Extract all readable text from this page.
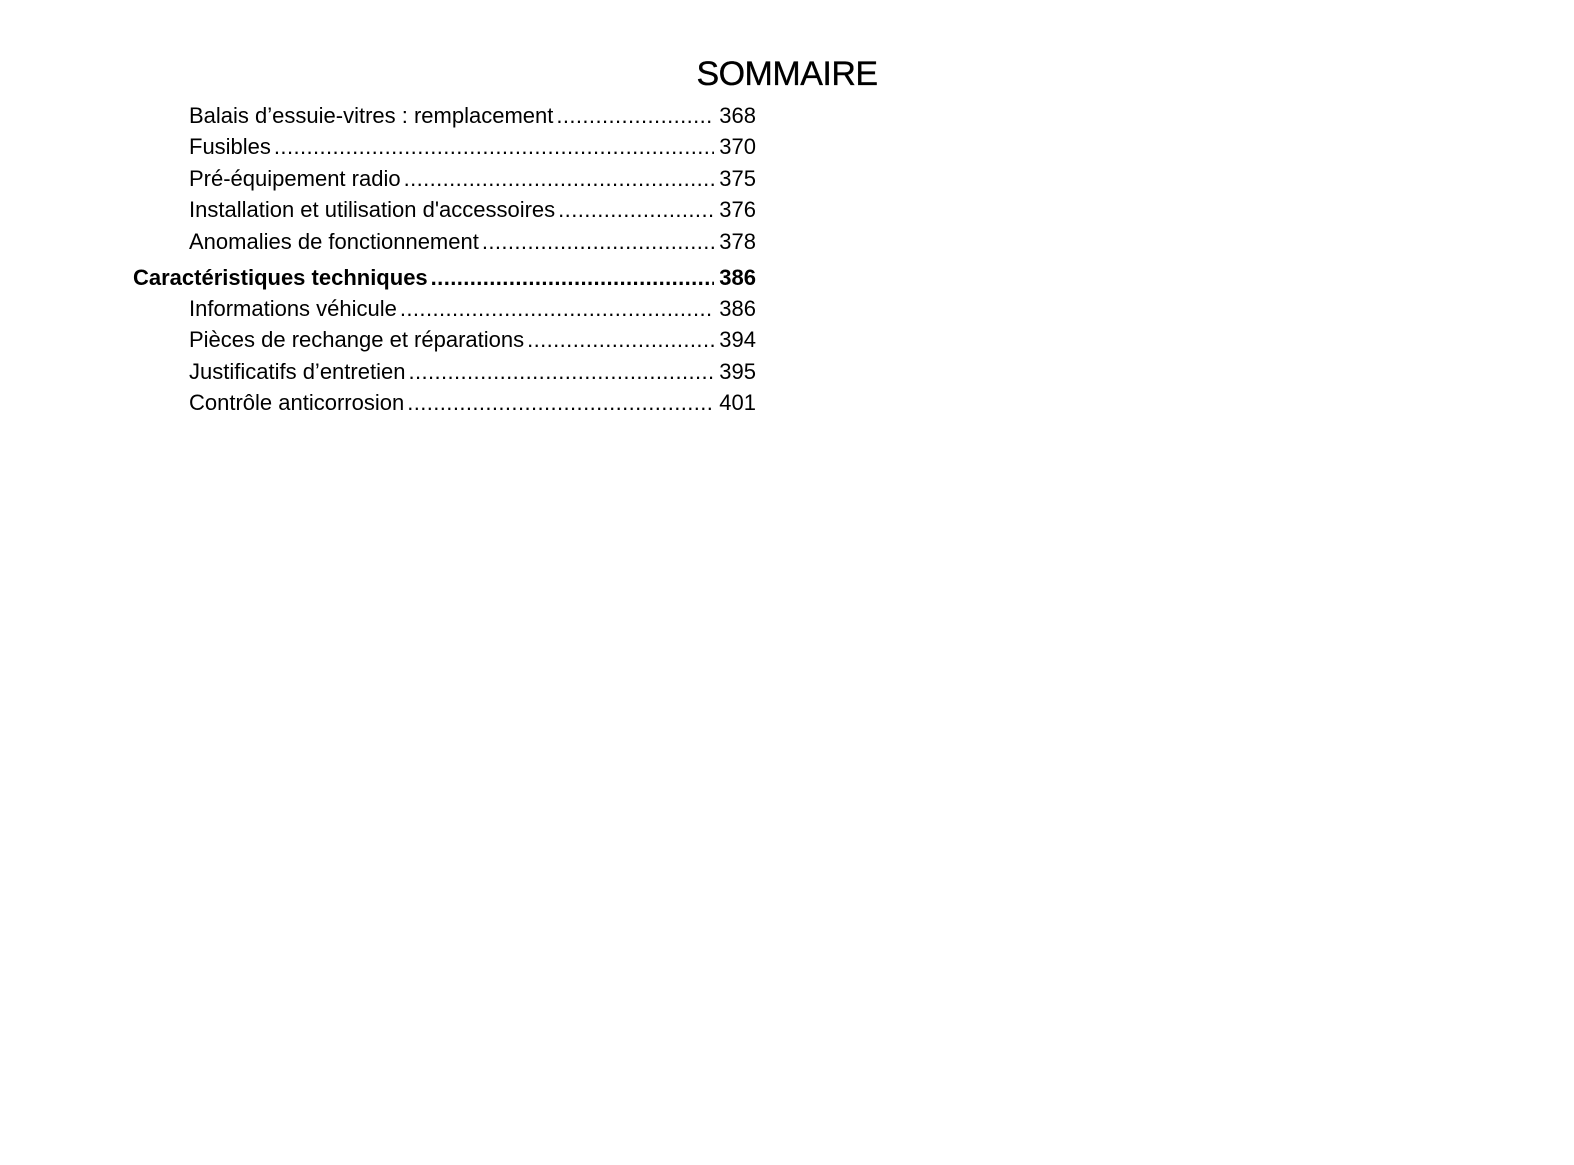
SOMMAIRE
Balais d’essuie-vitres : remplacement .....	368
Fusibles .....	370
Pré-équipement radio .....	375
Installation et utilisation d'accessoires .....	376
Anomalies de fonctionnement .....	378
Caractéristiques techniques .....	386
Informations véhicule .....	386
Pièces de rechange et réparations .....	394
Justificatifs d’entretien .....	395
Contrôle anticorrosion .....	401
